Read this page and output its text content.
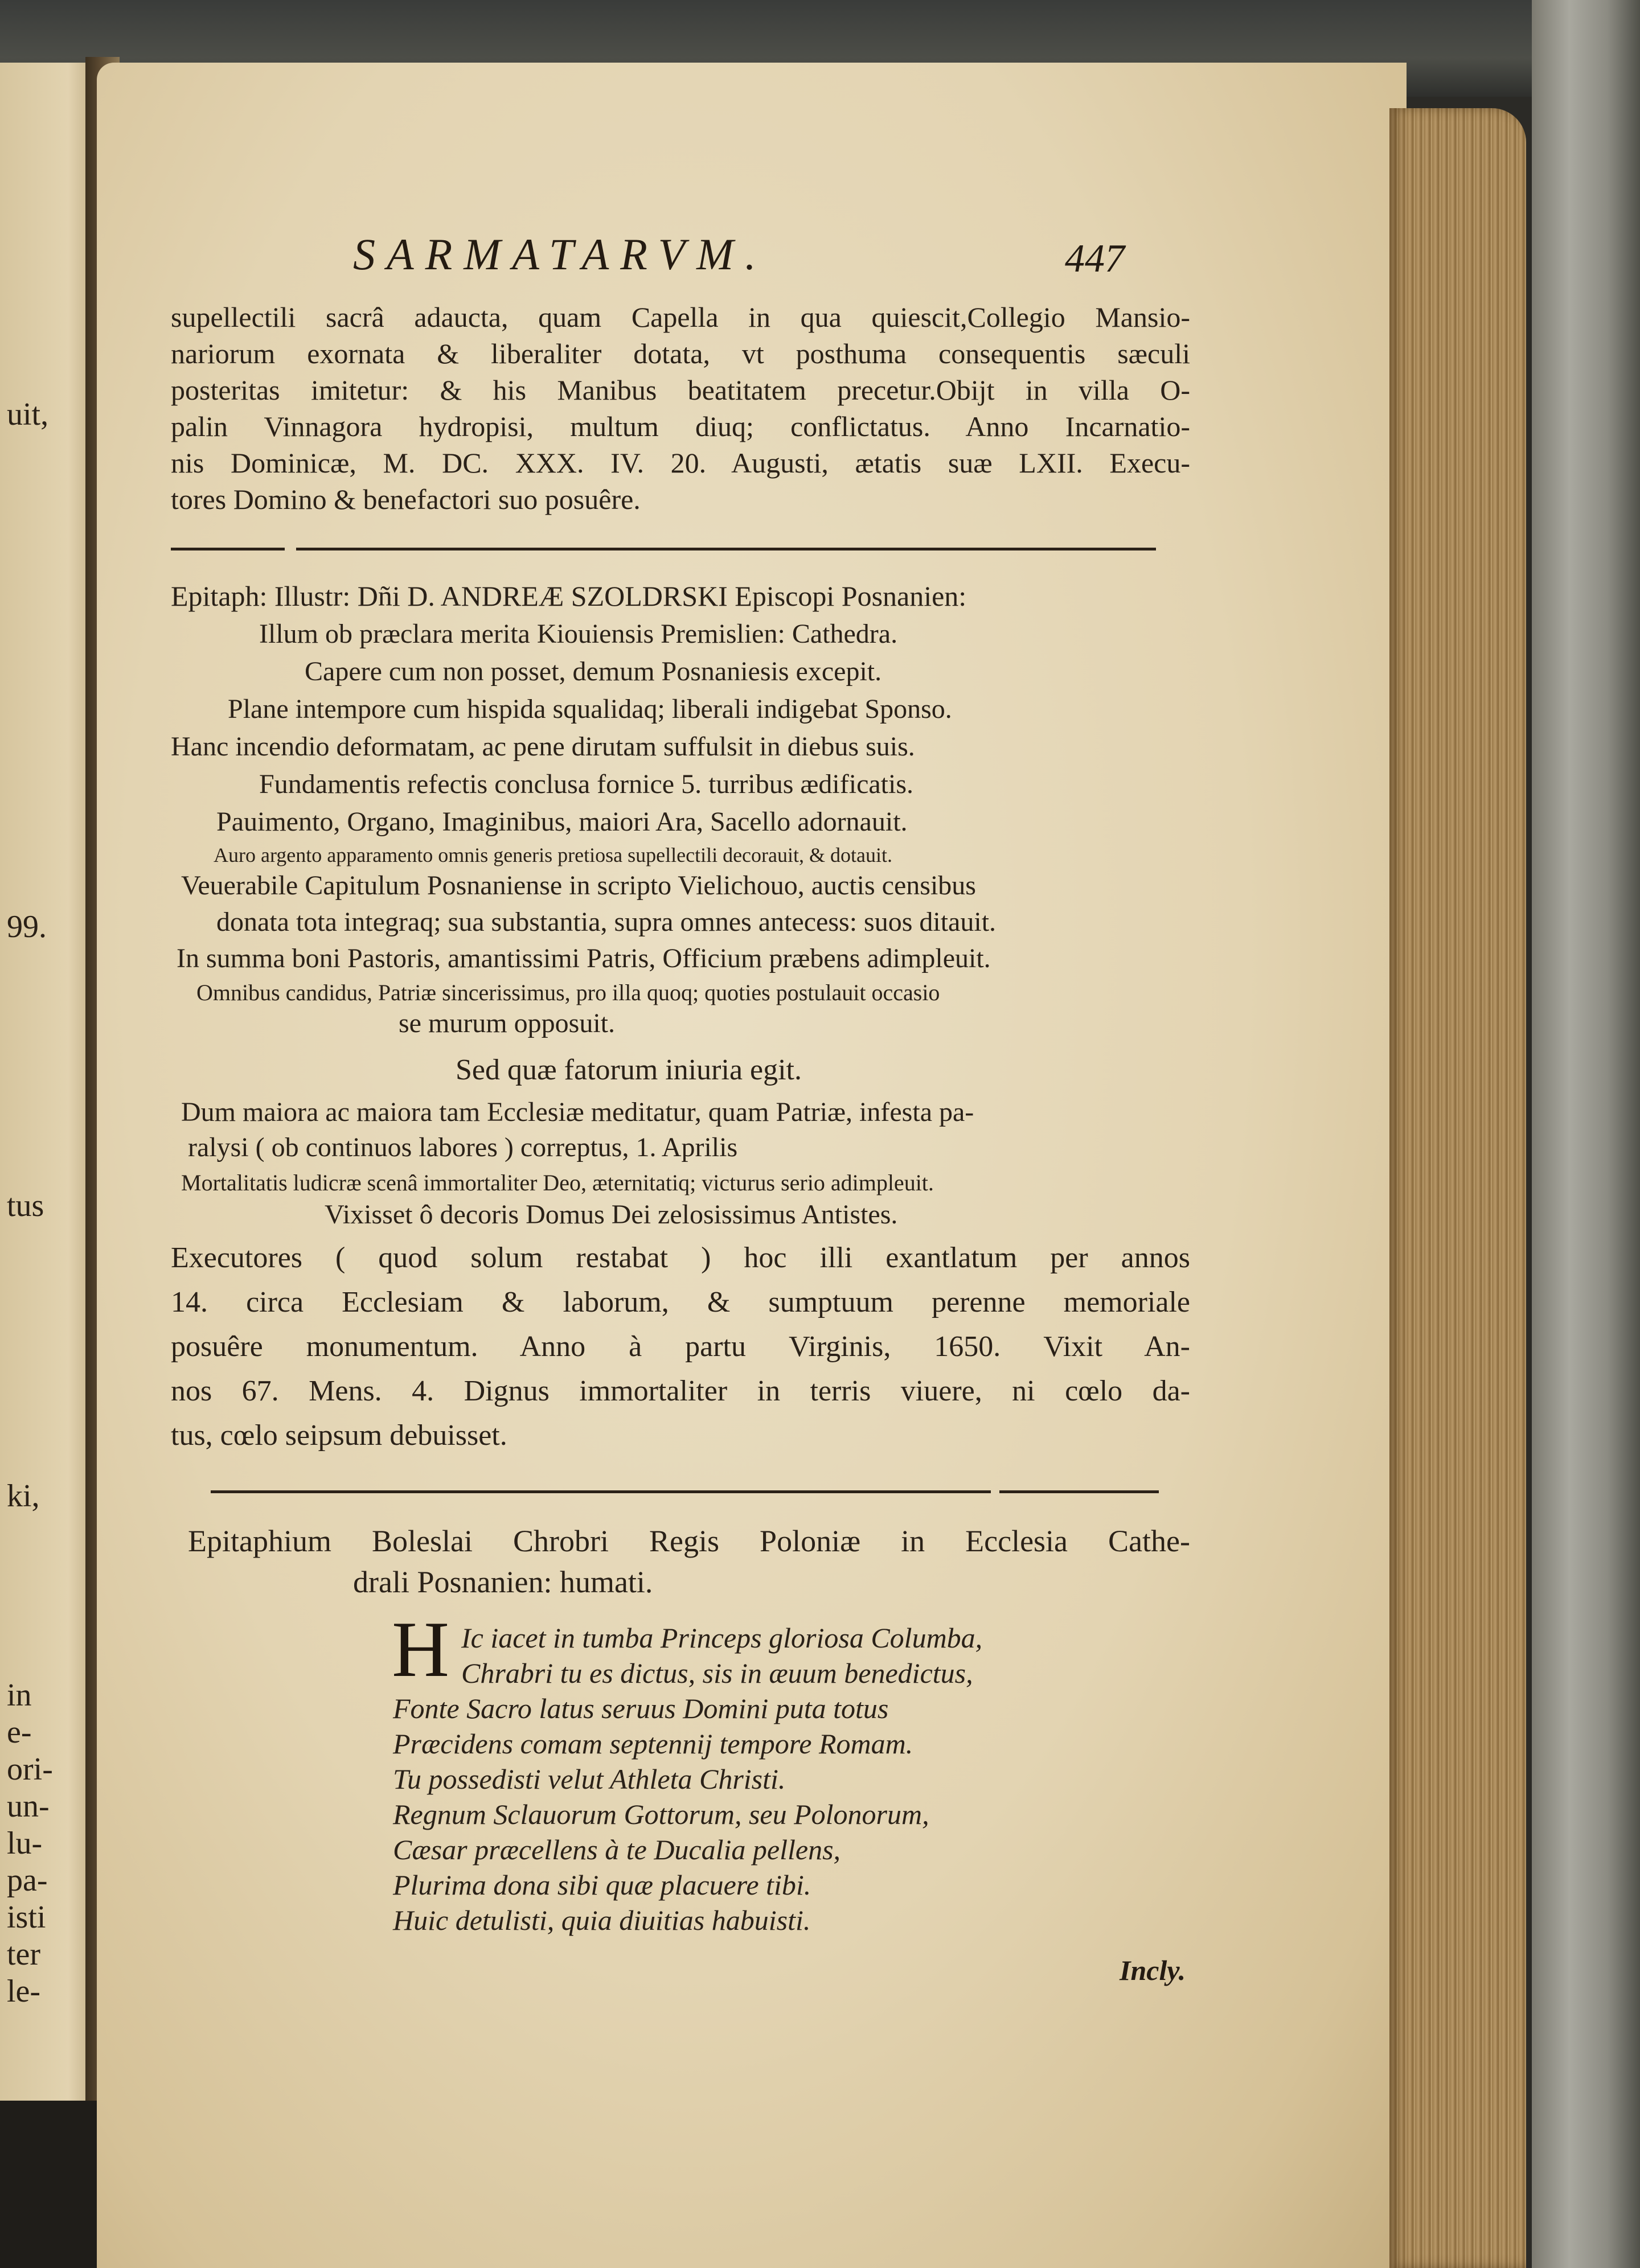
uit,
99.
tus
ki,
in
e-
ori-
un-
lu-
pa-
isti
ter
le-
SARMATARVM.	447
supellectili sacrâ adaucta, quam Capella in qua quiescit,Collegio Mansio-
nariorum exornata & liberaliter dotata, vt posthuma consequentis sæculi
posteritas imitetur: & his Manibus beatitatem precetur.Obijt in villa O-
palin Vinnagora hydropisi, multum diuq; conflictatus. Anno Incarnatio-
nis Dominicæ, M. DC. XXX. IV. 20. Augusti, ætatis suæ LXII. Execu-
tores Domino & benefactori suo posuêre.
Epitaph: Illustr: Dñi D. ANDREÆ SZOLDRSKI Episcopi Posnanien:
Illum ob præclara merita Kiouiensis Premislien: Cathedra.
Capere cum non posset, demum Posnaniesis excepit.
Plane intempore cum hispida squalidaq; liberali indigebat Sponso.
Hanc incendio deformatam, ac pene dirutam suffulsit in diebus suis.
Fundamentis refectis conclusa fornice 5. turribus ædificatis.
Pauimento, Organo, Imaginibus, maiori Ara, Sacello adornauit.
Auro argento apparamento omnis generis pretiosa supellectili decorauit, & dotauit.
Veuerabile Capitulum Posnaniense in scripto Vielichouo, auctis censibus
donata tota integraq; sua substantia, supra omnes antecess: suos ditauit.
In summa boni Pastoris, amantissimi Patris, Officium præbens adimpleuit.
Omnibus candidus, Patriæ sincerissimus, pro illa quoq; quoties postulauit occasio
se murum opposuit.
Sed quæ fatorum iniuria egit.
Dum maiora ac maiora tam Ecclesiæ meditatur, quam Patriæ, infesta pa-
ralysi ( ob continuos labores ) correptus, 1. Aprilis
Mortalitatis ludicræ scenâ immortaliter Deo, æternitatiq; victurus serio adimpleuit.
Vixisset ô decoris Domus Dei zelosissimus Antistes.
Executores ( quod solum restabat ) hoc illi exantlatum per annos
14. circa Ecclesiam & laborum, & sumptuum perenne memoriale
posuêre monumentum. Anno à partu Virginis, 1650. Vixit An-
nos 67. Mens. 4. Dignus immortaliter in terris viuere, ni cœlo da-
tus, cœlo seipsum debuisset.
Epitaphium Boleslai Chrobri Regis Poloniæ in Ecclesia Cathe-
drali Posnanien: humati.
H Ic iacet in tumba Princeps gloriosa Columba,
Chrabri tu es dictus, sis in æuum benedictus,
Fonte Sacro latus seruus Domini puta totus
Præcidens comam septennij tempore Romam.
Tu possedisti velut Athleta Christi.
Regnum Sclauorum Gottorum, seu Polonorum,
Cæsar præcellens à te Ducalia pellens,
Plurima dona sibi quæ placuere tibi.
Huic detulisti, quia diuitias habuisti.
Incly.
